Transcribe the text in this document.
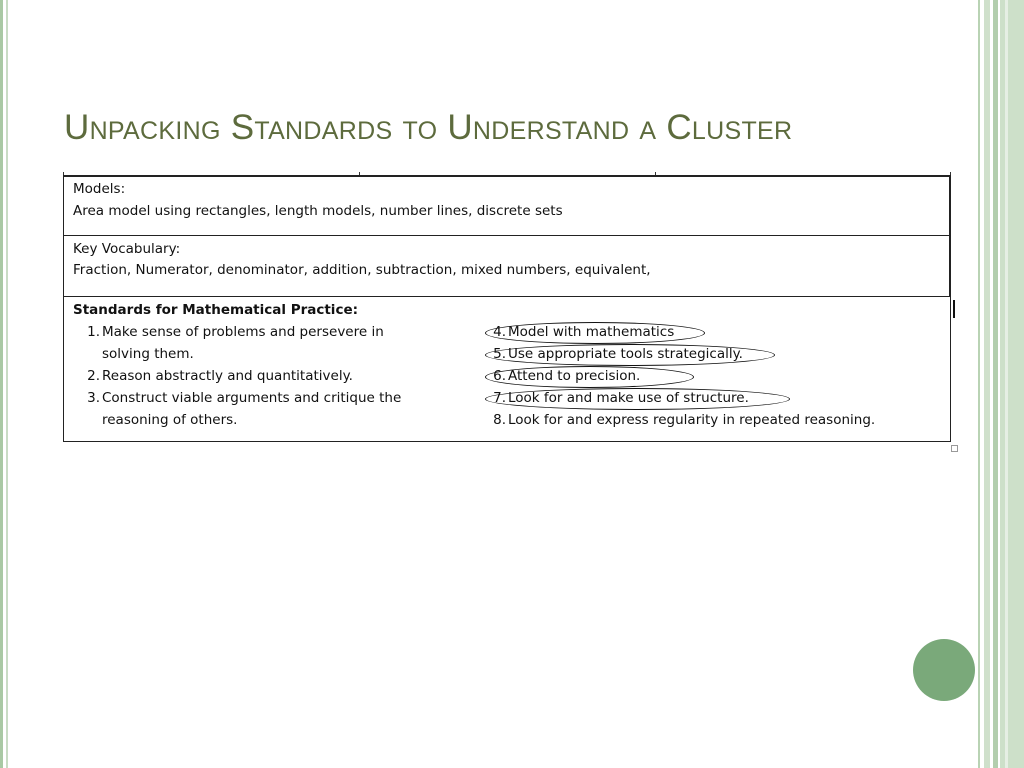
Unpacking Standards to Understand a Cluster
Models:
Area model using rectangles, length models, number lines, discrete sets
Key Vocabulary:
Fraction, Numerator, denominator, addition, subtraction, mixed numbers, equivalent,
Standards for Mathematical Practice:
1. Make sense of problems and persevere in
solving them.
2. Reason abstractly and quantitatively.
3. Construct viable arguments and critique the
reasoning of others.
4. Model with mathematics
5. Use appropriate tools strategically.
6. Attend to precision.
7. Look for and make use of structure.
8. Look for and express regularity in repeated reasoning.
